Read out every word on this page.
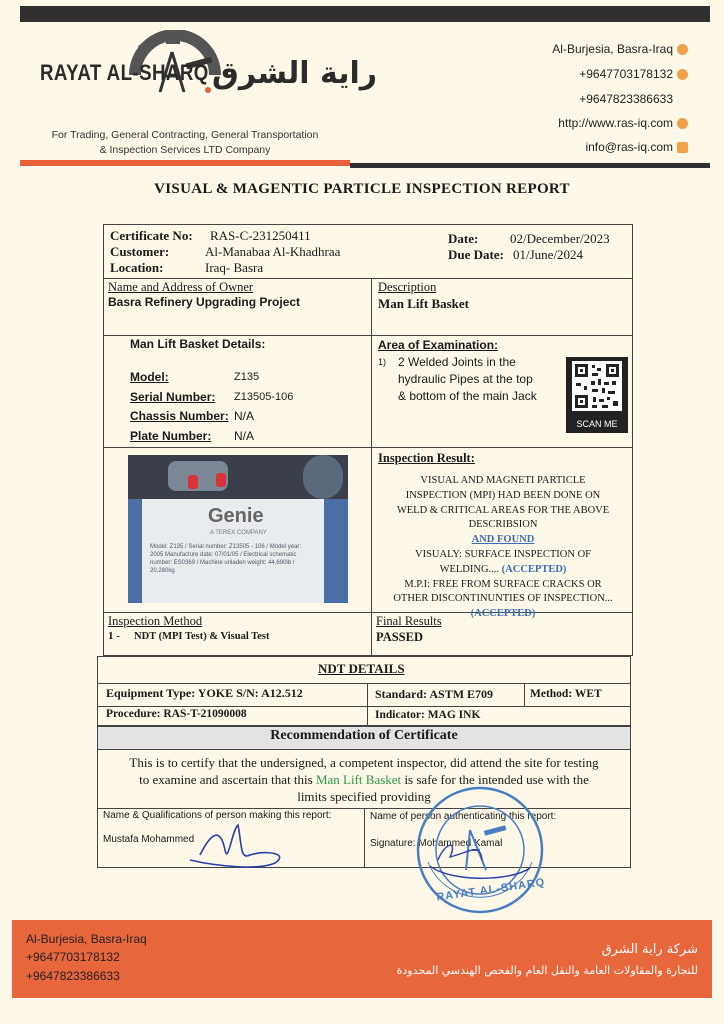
RAYAT AL-SHARQ راية الشرق
For Trading, General Contracting, General Transportation
& Inspection Services LTD Company
Al-Burjesia, Basra-Iraq
+9647703178132
+9647823386633
http://www.ras-iq.com
info@ras-iq.com
VISUAL & MAGENTIC PARTICLE INSPECTION REPORT
Certificate No: RAS-C-231250411
Customer:	Al-Manabaa Al-Khadhraa
Location:	Iraq- Basra
Date: 02/December/2023
Due Date: 01/June/2024
Name and Address of Owner
Basra Refinery Upgrading Project
Description
Man Lift Basket
Man Lift Basket Details:
Model:	Z135
Serial Number: Z13505-106
Chassis Number: N/A
Plate Number: N/A
Area of Examination:
1) 2 Welded Joints in the
hydraulic Pipes at the top
& bottom of the main Jack
SCAN ME
Genie
A TEREX COMPANY
Model: Z135 / Serial number: Z13505 - 106 / Model year: 2005 Manufacture date: 07/01/05 / Electrical schematic number: ES0369 / Machine unladen weight: 44,690lb / 20,280kg
Inspection Result:
VISUAL AND MAGNETI PARTICLE
INSPECTION (MPI) HAD BEEN DONE ON
WELD & CRITICAL AREAS FOR THE ABOVE
DESCRIBSION
AND FOUND
VISUALY: SURFACE INSPECTION OF
WELDING.... (ACCEPTED)
M.P.I: FREE FROM SURFACE CRACKS OR
OTHER DISCONTINUNTIES OF INSPECTION...
(ACCEPTED)
Inspection Method
1 - NDT (MPI Test) & Visual Test
Final Results
PASSED
NDT DETAILS
Equipment Type: YOKE S/N: A12.512	Standard: ASTM E709	Method: WET
Procedure: RAS-T-21090008	Indicator: MAG INK
Recommendation of Certificate
This is to certify that the undersigned, a competent inspector, did attend the site for testing
to examine and ascertain that this Man Lift Basket is safe for the intended use with the
limits specified providing
Name & Qualifications of person making this report:
Mustafa Mohammed
Name of person authenticating this report:
Signature: Mohammed Kamal
RAYAT AL-SHARQ
Al-Burjesia, Basra-Iraq
+9647703178132
+9647823386633
شركة راية الشرق
للتجارة والمقاولات العامة والنقل العام والفحص الهندسي المحدودة
